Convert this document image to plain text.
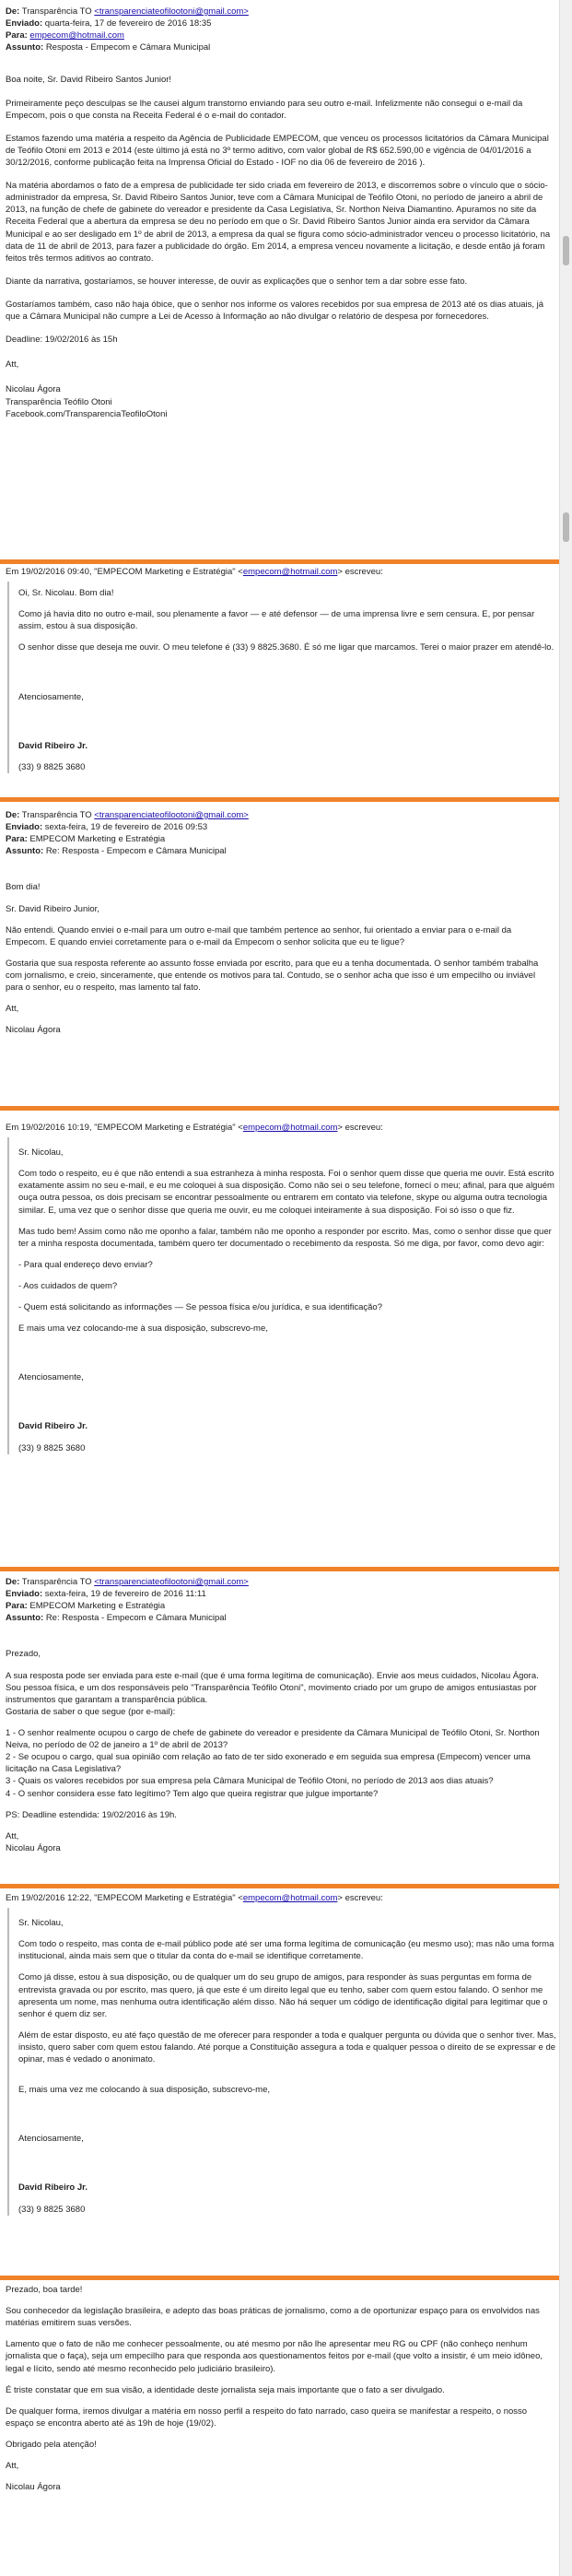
De: Transparência TO <transparenciateofilootoni@gmail.com>
Enviado: quarta-feira, 17 de fevereiro de 2016 18:35
Para: empecom@hotmail.com
Assunto: Resposta - Empecom e Câmara Municipal

Boa noite, Sr. David Ribeiro Santos Junior!

Primeiramente peço desculpas se lhe causei algum transtorno enviando para seu outro e-mail. Infelizmente não consegui o e-mail da Empecom, pois o que consta na Receita Federal é o e-mail do contador.

Estamos fazendo uma matéria a respeito da Agência de Publicidade EMPECOM, que venceu os processos licitatórios da Câmara Municipal de Teófilo Otoni em 2013 e 2014 (este último já está no 3º termo aditivo, com valor global de R$ 652.590,00 e vigência de 04/01/2016 a 30/12/2016, conforme publicação feita na Imprensa Oficial do Estado - IOF no dia 06 de fevereiro de 2016 ).

Na matéria abordamos o fato de a empresa de publicidade ter sido criada em fevereiro de 2013, e discorremos sobre o vínculo que o sócio-administrador da empresa, Sr. David Ribeiro Santos Junior, teve com a Câmara Municipal de Teófilo Otoni, no período de janeiro a abril de 2013, na função de chefe de gabinete do vereador e presidente da Casa Legislativa, Sr. Northon Neiva Diamantino. Apuramos no site da Receita Federal que a abertura da empresa se deu no período em que o Sr. David Ribeiro Santos Junior ainda era servidor da Câmara Municipal e ao ser desligado em 1º de abril de 2013, a empresa da qual se figura como sócio-administrador venceu o processo licitatório, na data de 11 de abril de 2013, para fazer a publicidade do órgão. Em 2014, a empresa venceu novamente a licitação, e desde então já foram feitos três termos aditivos ao contrato.

Diante da narrativa, gostaríamos, se houver interesse, de ouvir as explicações que o senhor tem a dar sobre esse fato.

Gostaríamos também, caso não haja óbice, que o senhor nos informe os valores recebidos por sua empresa de 2013 até os dias atuais, já que a Câmara Municipal não cumpre a Lei de Acesso à Informação ao não divulgar o relatório de despesa por fornecedores.

Deadline: 19/02/2016 às 15h

Att,

Nicolau Ágora
Transparência Teófilo Otoni
Facebook.com/TransparenciaTeofiloOtoni
Em 19/02/2016 09:40, "EMPECOM Marketing e Estratégia" <empecom@hotmail.com> escreveu:

Oi, Sr. Nicolau. Bom dia!

Como já havia dito no outro e-mail, sou plenamente a favor — e até defensor — de uma imprensa livre e sem censura. E, por pensar assim, estou à sua disposição.

O senhor disse que deseja me ouvir. O meu telefone é (33) 9 8825.3680. É só me ligar que marcamos. Terei o maior prazer em atendê-lo.

Atenciosamente,

David Ribeiro Jr.
(33) 9 8825 3680
De: Transparência TO <transparenciateofilootoni@gmail.com>
Enviado: sexta-feira, 19 de fevereiro de 2016 09:53
Para: EMPECOM Marketing e Estratégia
Assunto: Re: Resposta - Empecom e Câmara Municipal

Bom dia!

Sr. David Ribeiro Junior,

Não entendi. Quando enviei o e-mail para um outro e-mail que também pertence ao senhor, fui orientado a enviar para o e-mail da Empecom. E quando enviei corretamente para o e-mail da Empecom o senhor solicita que eu te ligue?

Gostaria que sua resposta referente ao assunto fosse enviada por escrito, para que eu a tenha documentada. O senhor também trabalha com jornalismo, e creio, sinceramente, que entende os motivos para tal. Contudo, se o senhor acha que isso é um empecilho ou inviável para o senhor, eu o respeito, mas lamento tal fato.

Att,

Nicolau Ágora

Em 19/02/2016 10:19, "EMPECOM Marketing e Estratégia" <empecom@hotmail.com> escreveu:

Sr. Nicolau,

Com todo o respeito, eu é que não entendi a sua estranheza à minha resposta. Foi o senhor quem disse que queria me ouvir. Está escrito exatamente assim no seu e-mail, e eu me coloquei à sua disposição. Como não sei o seu telefone, fornecí o meu; afinal, para que alguém ouça outra pessoa, os dois precisam se encontrar pessoalmente ou entrarem em contato via telefone, skype ou alguma outra tecnologia similar. E, uma vez que o senhor disse que queria me ouvir, eu me coloquei inteiramente à sua disposição. Foi só isso o que fiz.

Mas tudo bem! Assim como não me oponho a falar, também não me oponho a responder por escrito. Mas, como o senhor disse que quer ter a minha resposta documentada, também quero ter documentado o recebimento da resposta. Só me diga, por favor, como devo agir:

- Para qual endereço devo enviar?

- Aos cuidados de quem?

- Quem está solicitando as informações — Se pessoa física e/ou jurídica, e sua identificação?

E mais uma vez colocando-me à sua disposição, subscrevo-me,

Atenciosamente,

David Ribeiro Jr.
(33) 9 8825 3680
De: Transparência TO <transparenciateofilootoni@gmail.com>
Enviado: sexta-feira, 19 de fevereiro de 2016 11:11
Para: EMPECOM Marketing e Estratégia
Assunto: Re: Resposta - Empecom e Câmara Municipal

Prezado,

A sua resposta pode ser enviada para este e-mail (que é uma forma legítima de comunicação). Envie aos meus cuidados, Nicolau Ágora. Sou pessoa física, e um dos responsáveis pelo "Transparência Teófilo Otoni", movimento criado por um grupo de amigos entusiastas por instrumentos que garantam a transparência pública.
Gostaria de saber o que segue (por e-mail):

1 - O senhor realmente ocupou o cargo de chefe de gabinete do vereador e presidente da Câmara Municipal de Teófilo Otoni, Sr. Northon Neiva, no período de 02 de janeiro a 1º de abril de 2013?
2 - Se ocupou o cargo, qual sua opinião com relação ao fato de ter sido exonerado e em seguida sua empresa (Empecom) vencer uma licitação na Casa Legislativa?
3 - Quais os valores recebidos por sua empresa pela Câmara Municipal de Teófilo Otoni, no período de 2013 aos dias atuais?
4 - O senhor considera esse fato legítimo? Tem algo que queira registrar que julgue importante?

PS: Deadline estendida: 19/02/2016 às 19h.

Att,
Nicolau Ágora

Em 19/02/2016 12:22, "EMPECOM Marketing e Estratégia" <empecom@hotmail.com> escreveu:

Sr. Nicolau,

Com todo o respeito, mas conta de e-mail público pode até ser uma forma legítima de comunicação (eu mesmo uso); mas não uma forma institucional, ainda mais sem que o titular da conta do e-mail se identifique corretamente.

Como já disse, estou à sua disposição, ou de qualquer um do seu grupo de amigos, para responder às suas perguntas em forma de entrevista gravada ou por escrito, mas quero, já que este é um direito legal que eu tenho, saber com quem estou falando. O senhor me apresenta um nome, mas nenhuma outra identificação além disso. Não há sequer um código de identificação digital para legitimar que o senhor é quem diz ser.

Além de estar disposto, eu até faço questão de me oferecer para responder a toda e qualquer pergunta ou dúvida que o senhor tiver. Mas, insisto, quero saber com quem estou falando. Até porque a Constituição assegura a toda e qualquer pessoa o direito de se expressar e de opinar, mas é vedado o anonimato.

E, mais uma vez me colocando à sua disposição, subscrevo-me,

Atenciosamente,

David Ribeiro Jr.
(33) 9 8825 3680

Prezado, boa tarde!

Sou conhecedor da legislação brasileira, e adepto das boas práticas de jornalismo, como a de oportunizar espaço para os envolvidos nas matérias emitirem suas versões.

Lamento que o fato de não me conhecer pessoalmente, ou até mesmo por não lhe apresentar meu RG ou CPF (não conheço nenhum jornalista que o faça), seja um empecilho para que responda aos questionamentos feitos por e-mail (que volto a insistir, é um meio idôneo, legal e lícito, sendo até mesmo reconhecido pelo judiciário brasileiro).

É triste constatar que em sua visão, a identidade deste jornalista seja mais importante que o fato a ser divulgado.

De qualquer forma, iremos divulgar a matéria em nosso perfil a respeito do fato narrado, caso queira se manifestar a respeito, o nosso espaço se encontra aberto até às 19h de hoje (19/02).

Obrigado pela atenção!

Att,

Nicolau Ágora
